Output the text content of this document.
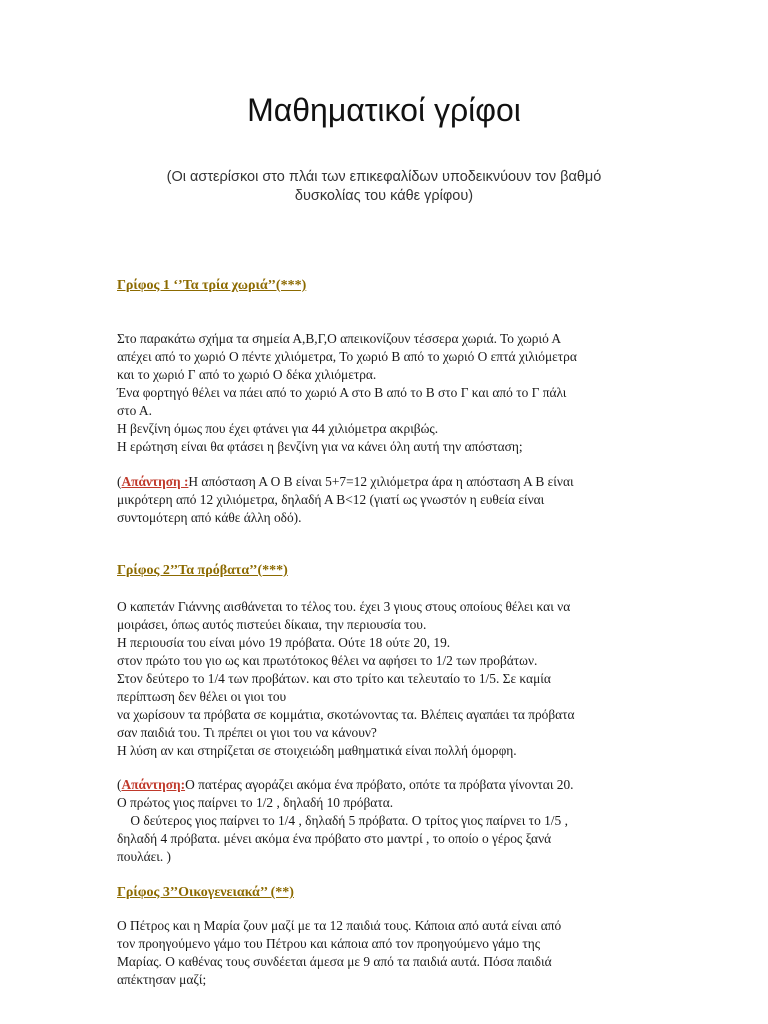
Μαθηματικοί γρίφοι

(Οι αστερίσκοι στο πλάι των επικεφαλίδων υποδεικνύουν τον βαθμό
δυσκολίας του κάθε γρίφου)

Γρίφος 1 ‘’Τα τρία χωριά’’(***)

Στο παρακάτω σχήμα τα σημεία Α,Β,Γ,Ο απεικονίζουν τέσσερα χωριά. Το χωριό Α
απέχει από το χωριό Ο πέντε χιλιόμετρα, Το χωριό Β από το χωριό Ο επτά χιλιόμετρα
και το χωριό Γ από το χωριό Ο δέκα χιλιόμετρα.
Ένα φορτηγό θέλει να πάει από το χωριό Α στο Β από το Β στο Γ και από το Γ πάλι
στο Α.
Η βενζίνη όμως που έχει φτάνει για 44 χιλιόμετρα ακριβώς.
Η ερώτηση είναι θα φτάσει η βενζίνη για να κάνει όλη αυτή την απόσταση;

(Απάντηση :Η απόσταση Α Ο Β είναι 5+7=12 χιλιόμετρα άρα η απόσταση Α Β είναι
μικρότερη από 12 χιλιόμετρα, δηλαδή Α Β<12 (γιατί ως γνωστόν η ευθεία είναι
συντομότερη από κάθε άλλη οδό).

Γρίφος 2’’Τα πρόβατα’’(***)

Ο καπετάν Γιάννης αισθάνεται το τέλος του. έχει 3 γιους στους οποίους θέλει και να
μοιράσει, όπως αυτός πιστεύει δίκαια, την περιουσία του.
Η περιουσία του είναι μόνο 19 πρόβατα. Ούτε 18 ούτε 20, 19.
στον πρώτο του γιο ως και πρωτότοκος θέλει να αφήσει το 1/2 των προβάτων.
Στον δεύτερο το 1/4 των προβάτων. και στο τρίτο και τελευταίο το 1/5. Σε καμία
περίπτωση δεν θέλει οι γιοι του
να χωρίσουν τα πρόβατα σε κομμάτια, σκοτώνοντας τα. Βλέπεις αγαπάει τα πρόβατα
σαν παιδιά του. Τι πρέπει οι γιοι του να κάνουν?
Η λύση αν και στηρίζεται σε στοιχειώδη μαθηματικά είναι πολλή όμορφη.

(Απάντηση:Ο πατέρας αγοράζει ακόμα ένα πρόβατο, οπότε τα πρόβατα γίνονται 20.
Ο πρώτος γιος παίρνει το 1/2 , δηλαδή 10 πρόβατα.
Ο δεύτερος γιος παίρνει το 1/4 , δηλαδή 5 πρόβατα. Ο τρίτος γιος παίρνει το 1/5 ,
δηλαδή 4 πρόβατα. μένει ακόμα ένα πρόβατο στο μαντρί , το οποίο ο γέρος ξανά
πουλάει. )

Γρίφος 3’’Οικογενειακά’’ (**)

Ο Πέτρος και η Μαρία ζουν μαζί με τα 12 παιδιά τους. Κάποια από αυτά είναι από
τον προηγούμενο γάμο του Πέτρου και κάποια από τον προηγούμενο γάμο της
Μαρίας. Ο καθένας τους συνδέεται άμεσα με 9 από τα παιδιά αυτά. Πόσα παιδιά
απέκτησαν μαζί;
